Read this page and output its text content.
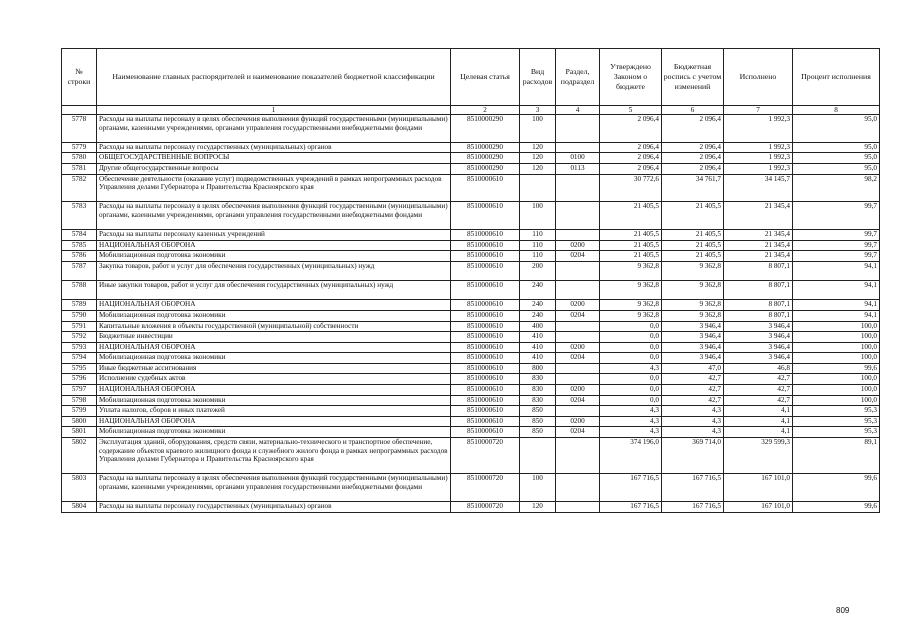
№ строки	Наименование главных распорядителей и наименование показателей бюджетной классификации	Целевая статья	Вид расходов	Раздел, подраздел	Утверждено Законом о бюджете	Бюджетная роспись с учетом изменений	Исполнено	Процент исполнения
	1	2	3	4	5	6	7	8
5778	Расходы на выплаты персоналу в целях обеспечения выполнения функций государственными (муниципальными) органами, казенными учреждениями, органами управления государственными внебюджетными фондами	8510000290	100		2 096,4	2 096,4	1 992,3	95,0
5779	Расходы на выплаты персоналу государственных (муниципальных) органов	8510000290	120		2 096,4	2 096,4	1 992,3	95,0
5780	ОБЩЕГОСУДАРСТВЕННЫЕ ВОПРОСЫ	8510000290	120	0100	2 096,4	2 096,4	1 992,3	95,0
5781	Другие общегосударственные вопросы	8510000290	120	0113	2 096,4	2 096,4	1 992,3	95,0
5782	Обеспечение деятельности (оказание услуг) подведомственных учреждений в рамках непрограммных расходов Управления делами Губернатора и Правительства Красноярского края	8510000610			30 772,6	34 761,7	34 145,7	98,2
5783	Расходы на выплаты персоналу в целях обеспечения выполнения функций государственными (муниципальными) органами, казенными учреждениями, органами управления государственными внебюджетными фондами	8510000610	100		21 405,5	21 405,5	21 345,4	99,7
5784	Расходы на выплаты персоналу казенных учреждений	8510000610	110		21 405,5	21 405,5	21 345,4	99,7
5785	НАЦИОНАЛЬНАЯ ОБОРОНА	8510000610	110	0200	21 405,5	21 405,5	21 345,4	99,7
5786	Мобилизационная подготовка экономики	8510000610	110	0204	21 405,5	21 405,5	21 345,4	99,7
5787	Закупка товаров, работ и услуг для обеспечения государственных (муниципальных) нужд	8510000610	200		9 362,8	9 362,8	8 807,1	94,1
5788	Иные закупки товаров, работ и услуг для обеспечения государственных (муниципальных) нужд	8510000610	240		9 362,8	9 362,8	8 807,1	94,1
5789	НАЦИОНАЛЬНАЯ ОБОРОНА	8510000610	240	0200	9 362,8	9 362,8	8 807,1	94,1
5790	Мобилизационная подготовка экономики	8510000610	240	0204	9 362,8	9 362,8	8 807,1	94,1
5791	Капитальные вложения в объекты государственной (муниципальной) собственности	8510000610	400		0,0	3 946,4	3 946,4	100,0
5792	Бюджетные инвестиции	8510000610	410		0,0	3 946,4	3 946,4	100,0
5793	НАЦИОНАЛЬНАЯ ОБОРОНА	8510000610	410	0200	0,0	3 946,4	3 946,4	100,0
5794	Мобилизационная подготовка экономики	8510000610	410	0204	0,0	3 946,4	3 946,4	100,0
5795	Иные бюджетные ассигнования	8510000610	800		4,3	47,0	46,8	99,6
5796	Исполнение судебных актов	8510000610	830		0,0	42,7	42,7	100,0
5797	НАЦИОНАЛЬНАЯ ОБОРОНА	8510000610	830	0200	0,0	42,7	42,7	100,0
5798	Мобилизационная подготовка экономики	8510000610	830	0204	0,0	42,7	42,7	100,0
5799	Уплата налогов, сборов и иных платежей	8510000610	850		4,3	4,3	4,1	95,3
5800	НАЦИОНАЛЬНАЯ ОБОРОНА	8510000610	850	0200	4,3	4,3	4,1	95,3
5801	Мобилизационная подготовка экономики	8510000610	850	0204	4,3	4,3	4,1	95,3
5802	Эксплуатация зданий, оборудования, средств связи, материально-технического и транспортное обеспечение, содержание объектов краевого жилищного фонда и служебного жилого фонда в рамках непрограммных расходов Управления делами Губернатора и Правительства Красноярского края	8510000720			374 196,0	369 714,0	329 599,3	89,1
5803	Расходы на выплаты персоналу в целях обеспечения выполнения функций государственными (муниципальными) органами, казенными учреждениями, органами управления государственными внебюджетными фондами	8510000720	100		167 716,5	167 716,5	167 101,0	99,6
5804	Расходы на выплаты персоналу государственных (муниципальных) органов	8510000720	120		167 716,5	167 716,5	167 101,0	99,6
809
